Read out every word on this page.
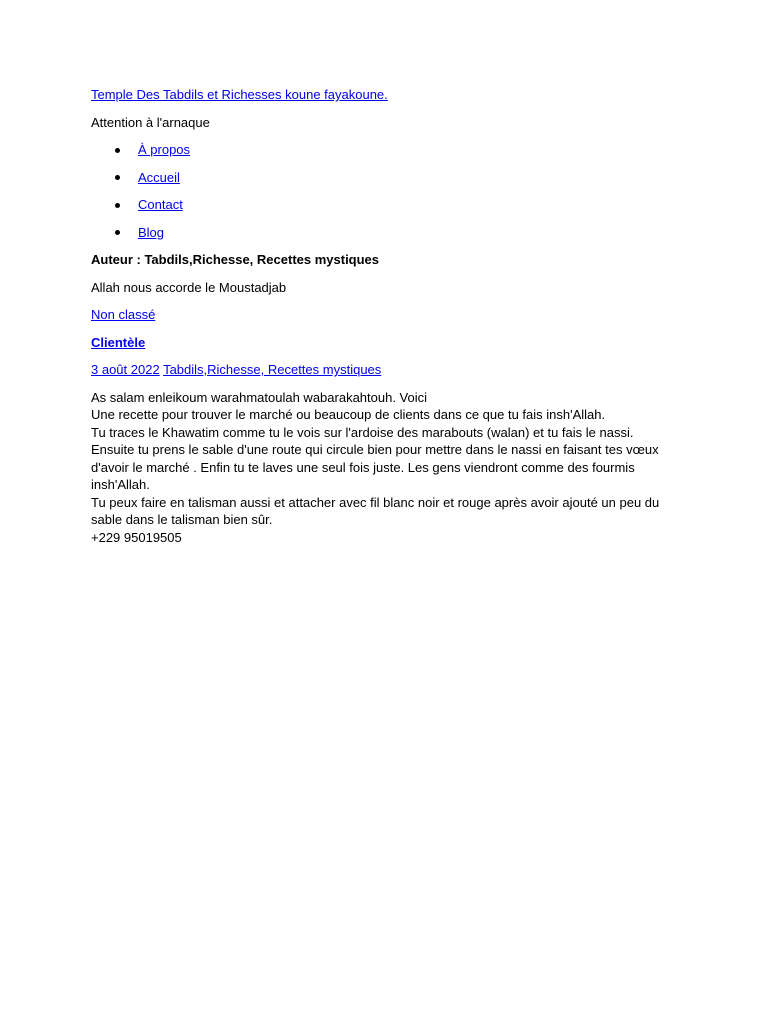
Temple Des Tabdils et Richesses koune fayakoune.

Attention à l'arnaque

À propos
Accueil
Contact
Blog

Auteur : Tabdils,Richesse, Recettes mystiques

Allah nous accorde le Moustadjab

Non classé

Clientèle

3 août 2022 Tabdils,Richesse, Recettes mystiques

As salam enleikoum warahmatoulah wabarakahtouh. Voici

Une recette pour trouver le marché ou beaucoup de clients dans ce que tu fais insh'Allah.

Tu traces le Khawatim comme tu le vois sur l'ardoise des marabouts (walan) et tu fais le nassi.

Ensuite tu prens le sable d'une route qui circule bien pour mettre dans le nassi en faisant tes vœux d'avoir le marché . Enfin tu te laves une seul fois juste. Les gens viendront comme des fourmis insh'Allah.

Tu peux faire en talisman aussi et attacher avec fil blanc noir et rouge après avoir ajouté un peu du sable dans le talisman bien sûr.

+229 95019505
